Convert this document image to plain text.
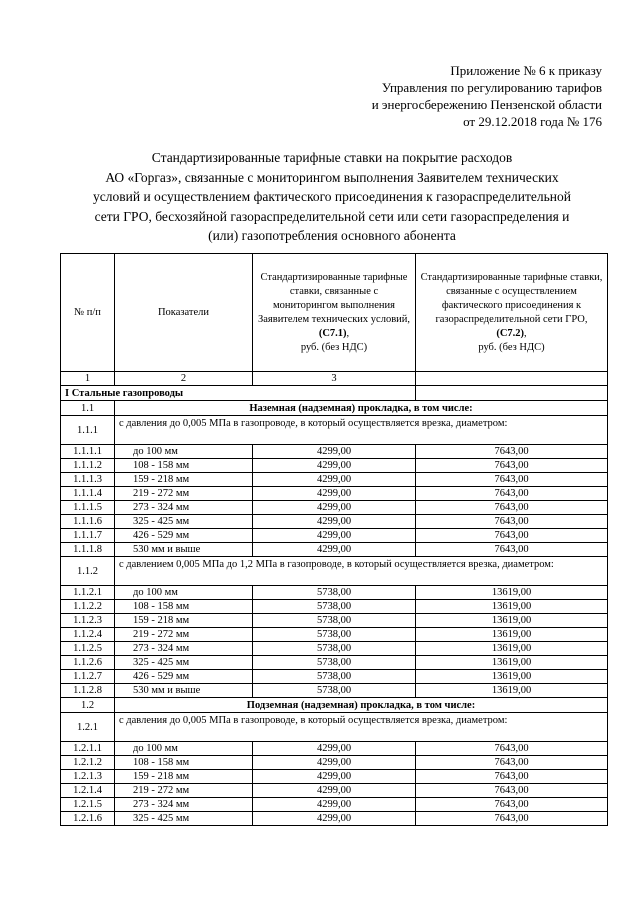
Приложение № 6 к приказу
Управления по регулированию тарифов
и энергосбережению Пензенской области
от 29.12.2018 года № 176
Стандартизированные тарифные ставки на покрытие расходов
АО «Горгаз», связанные с мониторингом выполнения Заявителем технических
условий и осуществлением фактического присоединения к газораспределительной
сети ГРО, бесхозяйной газораспределительной сети или сети газораспределения и
(или) газопотребления основного абонента
№ п/п	Показатели	Стандартизированные тарифные ставки, связанные с мониторингом выполнения Заявителем технических условий,
(С7.1),
руб. (без НДС)	Стандартизированные тарифные ставки, связанные с осуществлением фактического присоединения к газораспределительной сети ГРО, (С7.2),
руб. (без НДС)
1	2	3	
I Стальные газопроводы			
1.1	Наземная (надземная) прокладка, в том числе:		
1.1.1	с давления до 0,005 МПа в газопроводе, в который осуществляется врезка, диаметром:		
1.1.1.1	до 100 мм	4299,00	7643,00
1.1.1.2	108 - 158 мм	4299,00	7643,00
1.1.1.3	159 - 218 мм	4299,00	7643,00
1.1.1.4	219 - 272 мм	4299,00	7643,00
1.1.1.5	273 - 324 мм	4299,00	7643,00
1.1.1.6	325 - 425 мм	4299,00	7643,00
1.1.1.7	426 - 529 мм	4299,00	7643,00
1.1.1.8	530 мм и выше	4299,00	7643,00
1.1.2	с давлением 0,005 МПа до 1,2 МПа в газопроводе, в который осуществляется врезка, диаметром:		
1.1.2.1	до 100 мм	5738,00	13619,00
1.1.2.2	108 - 158 мм	5738,00	13619,00
1.1.2.3	159 - 218 мм	5738,00	13619,00
1.1.2.4	219 - 272 мм	5738,00	13619,00
1.1.2.5	273 - 324 мм	5738,00	13619,00
1.1.2.6	325 - 425 мм	5738,00	13619,00
1.1.2.7	426 - 529 мм	5738,00	13619,00
1.1.2.8	530 мм и выше	5738,00	13619,00
1.2	Подземная (надземная) прокладка, в том числе:		
1.2.1	с давления до 0,005 МПа в газопроводе, в который осуществляется врезка, диаметром:		
1.2.1.1	до 100 мм	4299,00	7643,00
1.2.1.2	108 - 158 мм	4299,00	7643,00
1.2.1.3	159 - 218 мм	4299,00	7643,00
1.2.1.4	219 - 272 мм	4299,00	7643,00
1.2.1.5	273 - 324 мм	4299,00	7643,00
1.2.1.6	325 - 425 мм	4299,00	7643,00
